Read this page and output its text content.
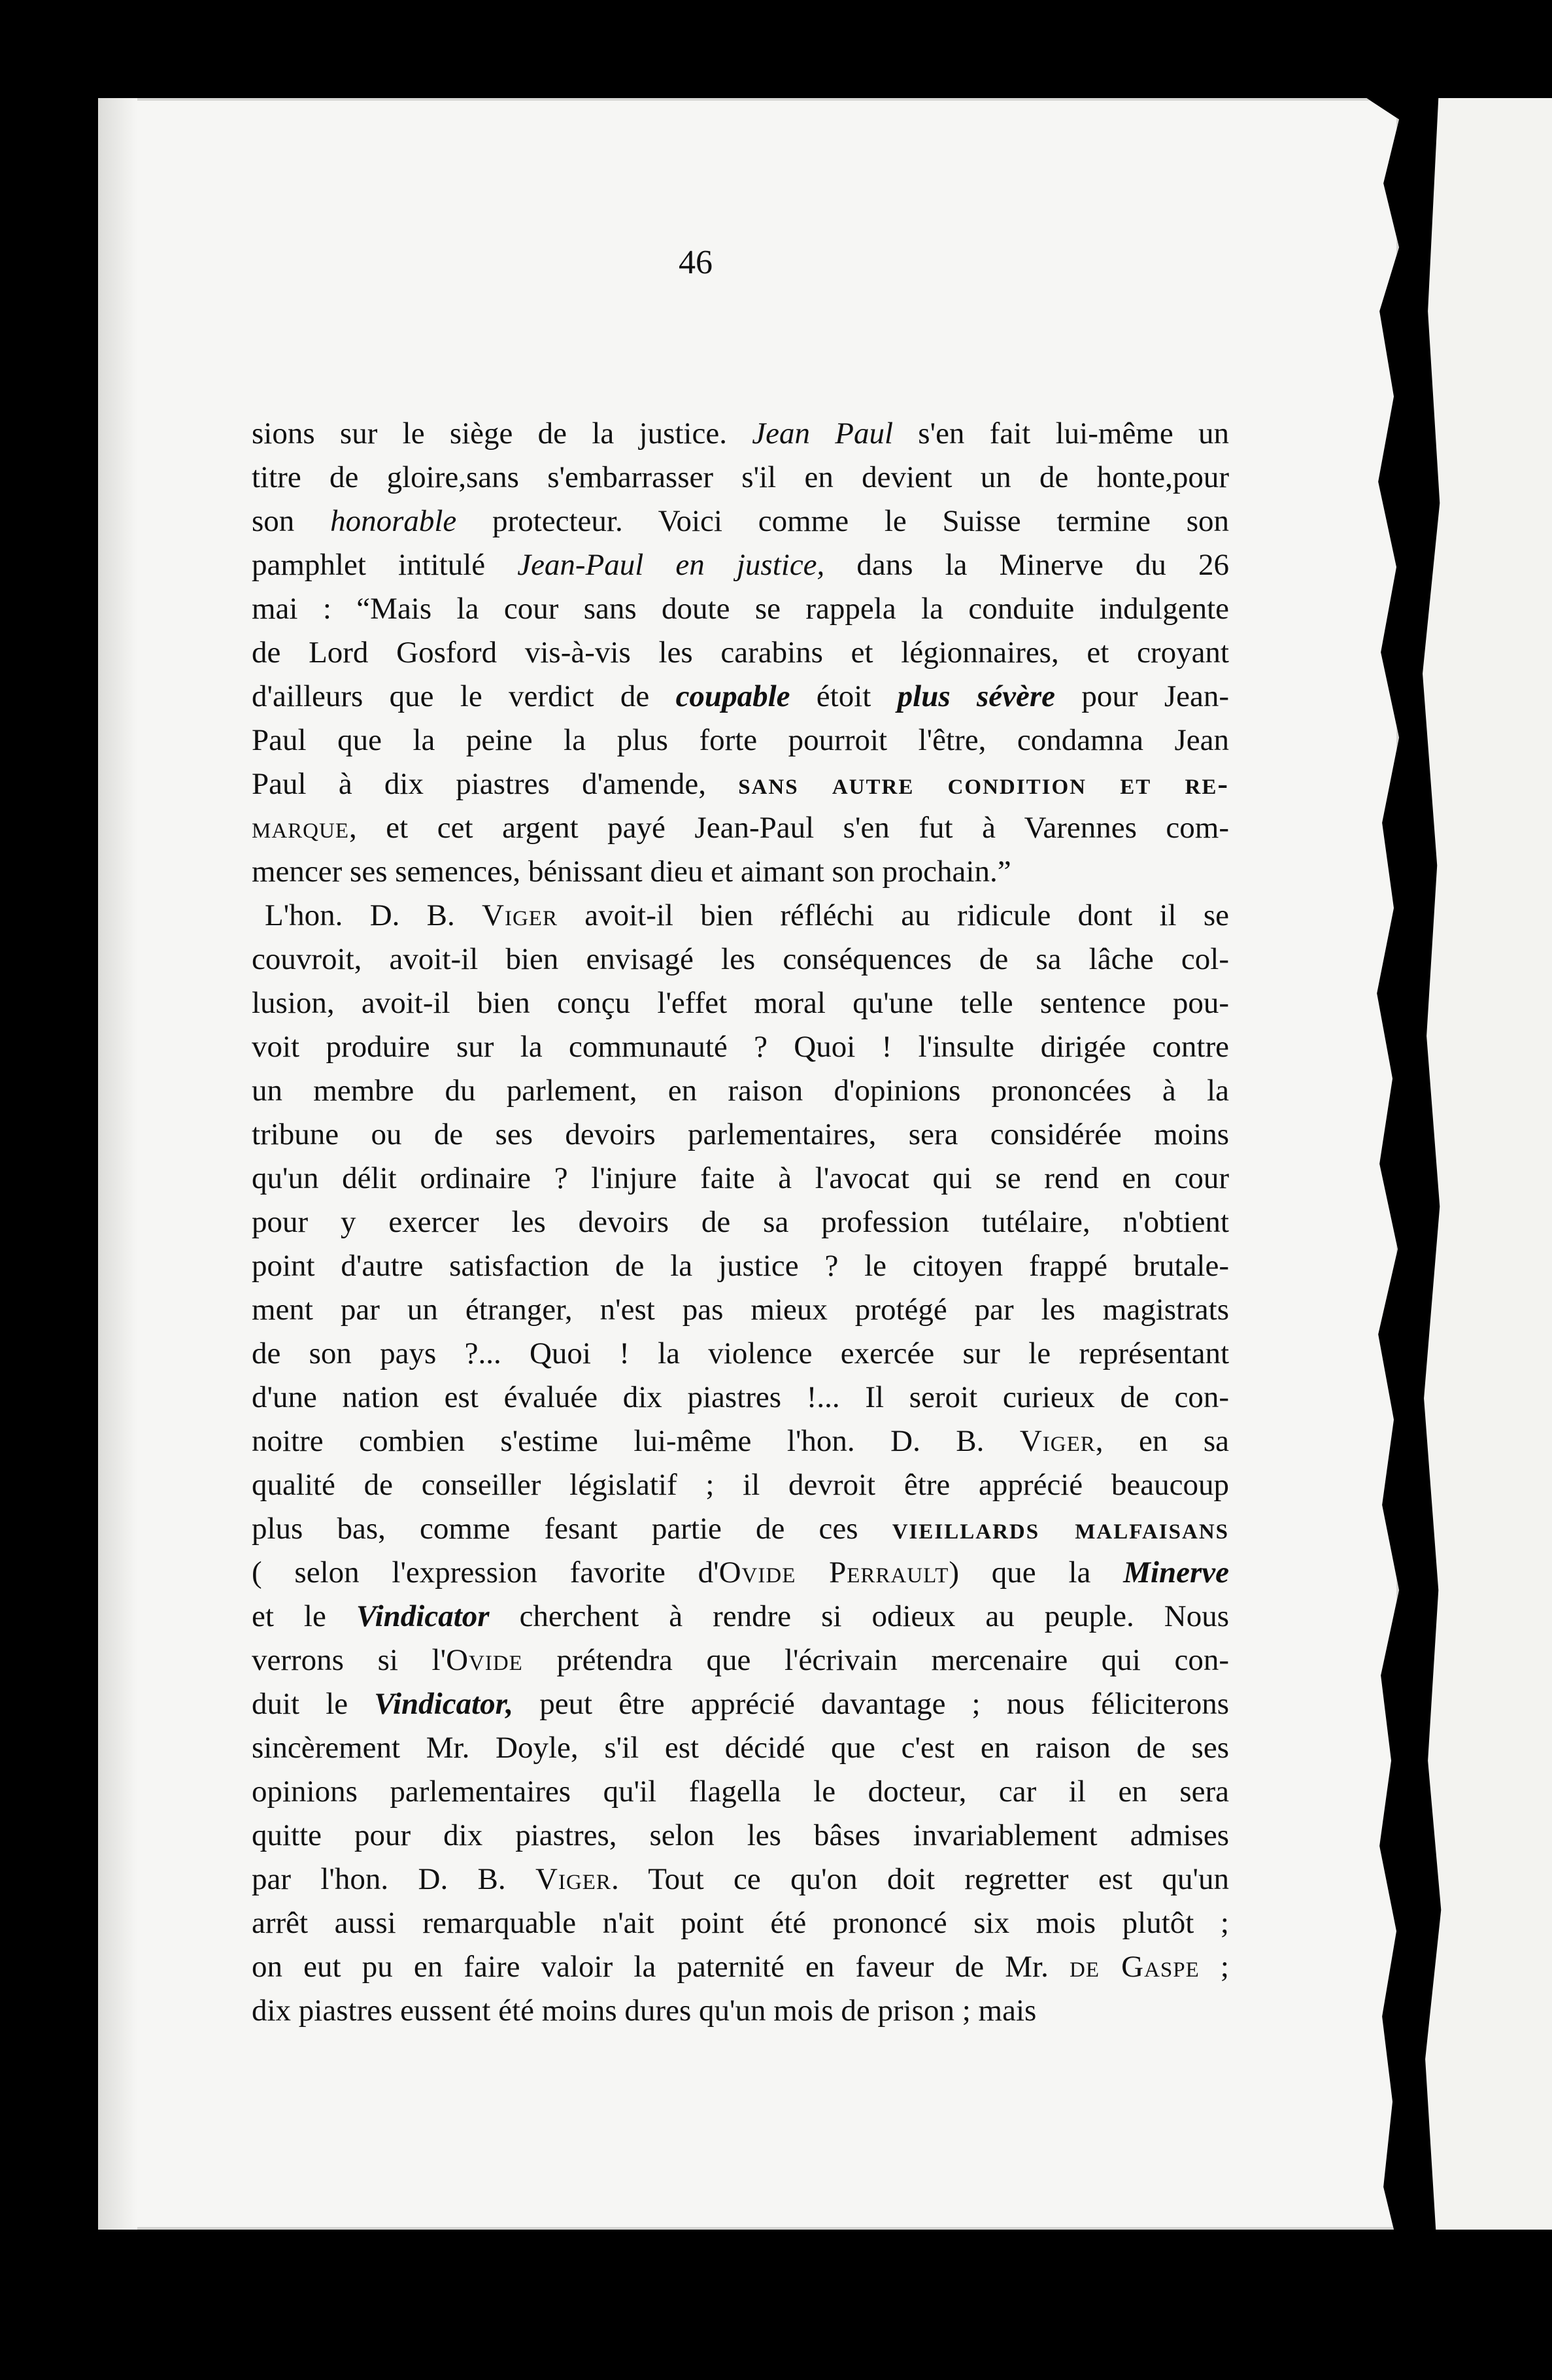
46
sions sur le siège de la justice. Jean Paul s'en fait lui-même un
titre de gloire,sans s'embarrasser s'il en devient un de honte,pour
son honorable protecteur. Voici comme le Suisse termine son
pamphlet intitulé Jean-Paul en justice, dans la Minerve du 26
mai : “Mais la cour sans doute se rappela la conduite indulgente
de Lord Gosford vis-à-vis les carabins et légionnaires, et croyant
d'ailleurs que le verdict de coupable étoit plus sévère pour Jean-
Paul que la peine la plus forte pourroit l'être, condamna Jean
Paul à dix piastres d'amende, sans autre condition et re-
marque, et cet argent payé Jean-Paul s'en fut à Varennes com-
mencer ses semences, bénissant dieu et aimant son prochain.”
L'hon. D. B. Viger avoit-il bien réfléchi au ridicule dont il se
couvroit, avoit-il bien envisagé les conséquences de sa lâche col-
lusion, avoit-il bien conçu l'effet moral qu'une telle sentence pou-
voit produire sur la communauté ? Quoi ! l'insulte dirigée contre
un membre du parlement, en raison d'opinions prononcées à la
tribune ou de ses devoirs parlementaires, sera considérée moins
qu'un délit ordinaire ? l'injure faite à l'avocat qui se rend en cour
pour y exercer les devoirs de sa profession tutélaire, n'obtient
point d'autre satisfaction de la justice ? le citoyen frappé brutale-
ment par un étranger, n'est pas mieux protégé par les magistrats
de son pays ?... Quoi ! la violence exercée sur le représentant
d'une nation est évaluée dix piastres !... Il seroit curieux de con-
noitre combien s'estime lui-même l'hon. D. B. Viger, en sa
qualité de conseiller législatif ; il devroit être apprécié beaucoup
plus bas, comme fesant partie de ces vieillards malfaisans
( selon l'expression favorite d'Ovide Perrault) que la Minerve
et le Vindicator cherchent à rendre si odieux au peuple. Nous
verrons si l'Ovide prétendra que l'écrivain mercenaire qui con-
duit le Vindicator, peut être apprécié davantage ; nous féliciterons
sincèrement Mr. Doyle, s'il est décidé que c'est en raison de ses
opinions parlementaires qu'il flagella le docteur, car il en sera
quitte pour dix piastres, selon les bâses invariablement admises
par l'hon. D. B. Viger. Tout ce qu'on doit regretter est qu'un
arrêt aussi remarquable n'ait point été prononcé six mois plutôt ;
on eut pu en faire valoir la paternité en faveur de Mr. de Gaspe ;
dix piastres eussent été moins dures qu'un mois de prison ; mais
